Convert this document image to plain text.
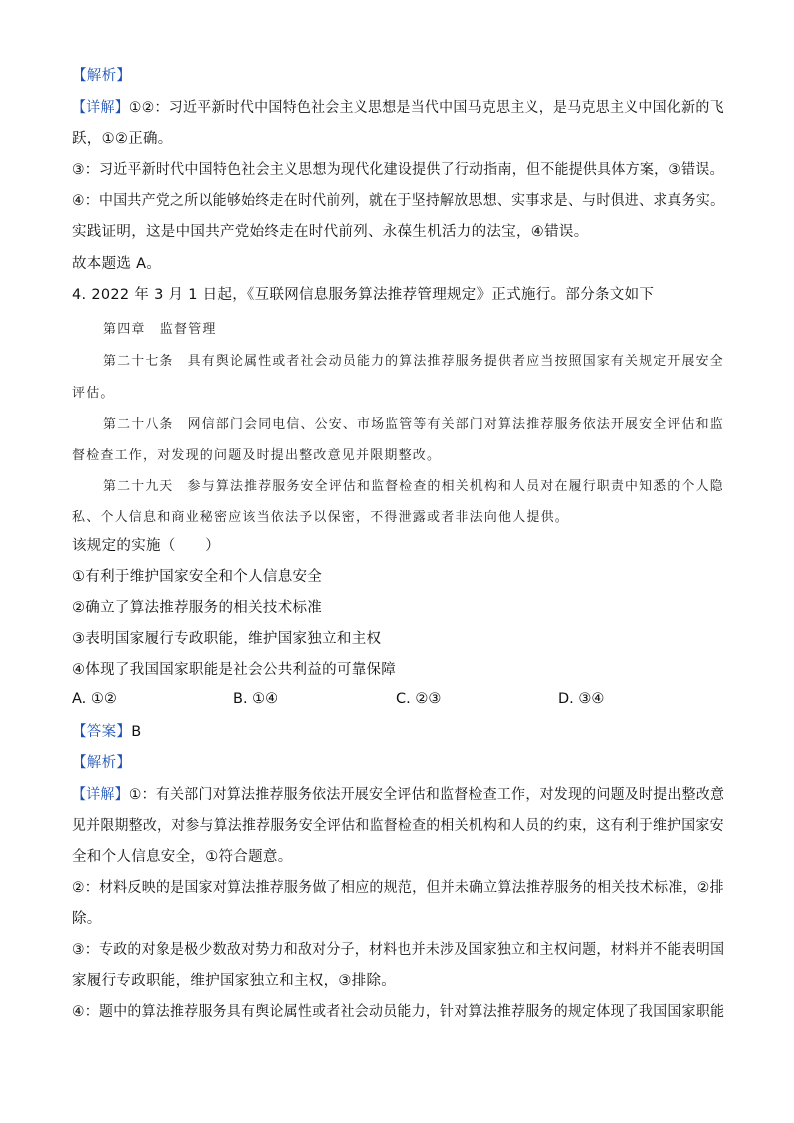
【解析】
【详解】①②：习近平新时代中国特色社会主义思想是当代中国马克思主义，是马克思主义中国化新的飞
跃，①②正确。
③：习近平新时代中国特色社会主义思想为现代化建设提供了行动指南，但不能提供具体方案，③错误。
④：中国共产党之所以能够始终走在时代前列，就在于坚持解放思想、实事求是、与时俱进、求真务实。
实践证明，这是中国共产党始终走在时代前列、永葆生机活力的法宝，④错误。
故本题选 A。
4. 2022 年 3 月 1 日起，《互联网信息服务算法推荐管理规定》正式施行。部分条文如下
第四章　监督管理
第二十七条　具有舆论属性或者社会动员能力的算法推荐服务提供者应当按照国家有关规定开展安全
评估。
第二十八条　网信部门会同电信、公安、市场监管等有关部门对算法推荐服务依法开展安全评估和监
督检查工作，对发现的问题及时提出整改意见并限期整改。
第二十九天　参与算法推荐服务安全评估和监督检查的相关机构和人员对在履行职责中知悉的个人隐
私、个人信息和商业秘密应该当依法予以保密，不得泄露或者非法向他人提供。
该规定的实施（　　）
①有利于维护国家安全和个人信息安全
②确立了算法推荐服务的相关技术标准
③表明国家履行专政职能，维护国家独立和主权
④体现了我国国家职能是社会公共利益的可靠保障
A. ①②	B. ①④	C. ②③	D. ③④
【答案】B
【解析】
【详解】①：有关部门对算法推荐服务依法开展安全评估和监督检查工作，对发现的问题及时提出整改意
见并限期整改，对参与算法推荐服务安全评估和监督检查的相关机构和人员的约束，这有利于维护国家安
全和个人信息安全，①符合题意。
②：材料反映的是国家对算法推荐服务做了相应的规范，但并未确立算法推荐服务的相关技术标准，②排
除。
③：专政的对象是极少数敌对势力和敌对分子，材料也并未涉及国家独立和主权问题，材料并不能表明国
家履行专政职能，维护国家独立和主权，③排除。
④：题中的算法推荐服务具有舆论属性或者社会动员能力，针对算法推荐服务的规定体现了我国国家职能
